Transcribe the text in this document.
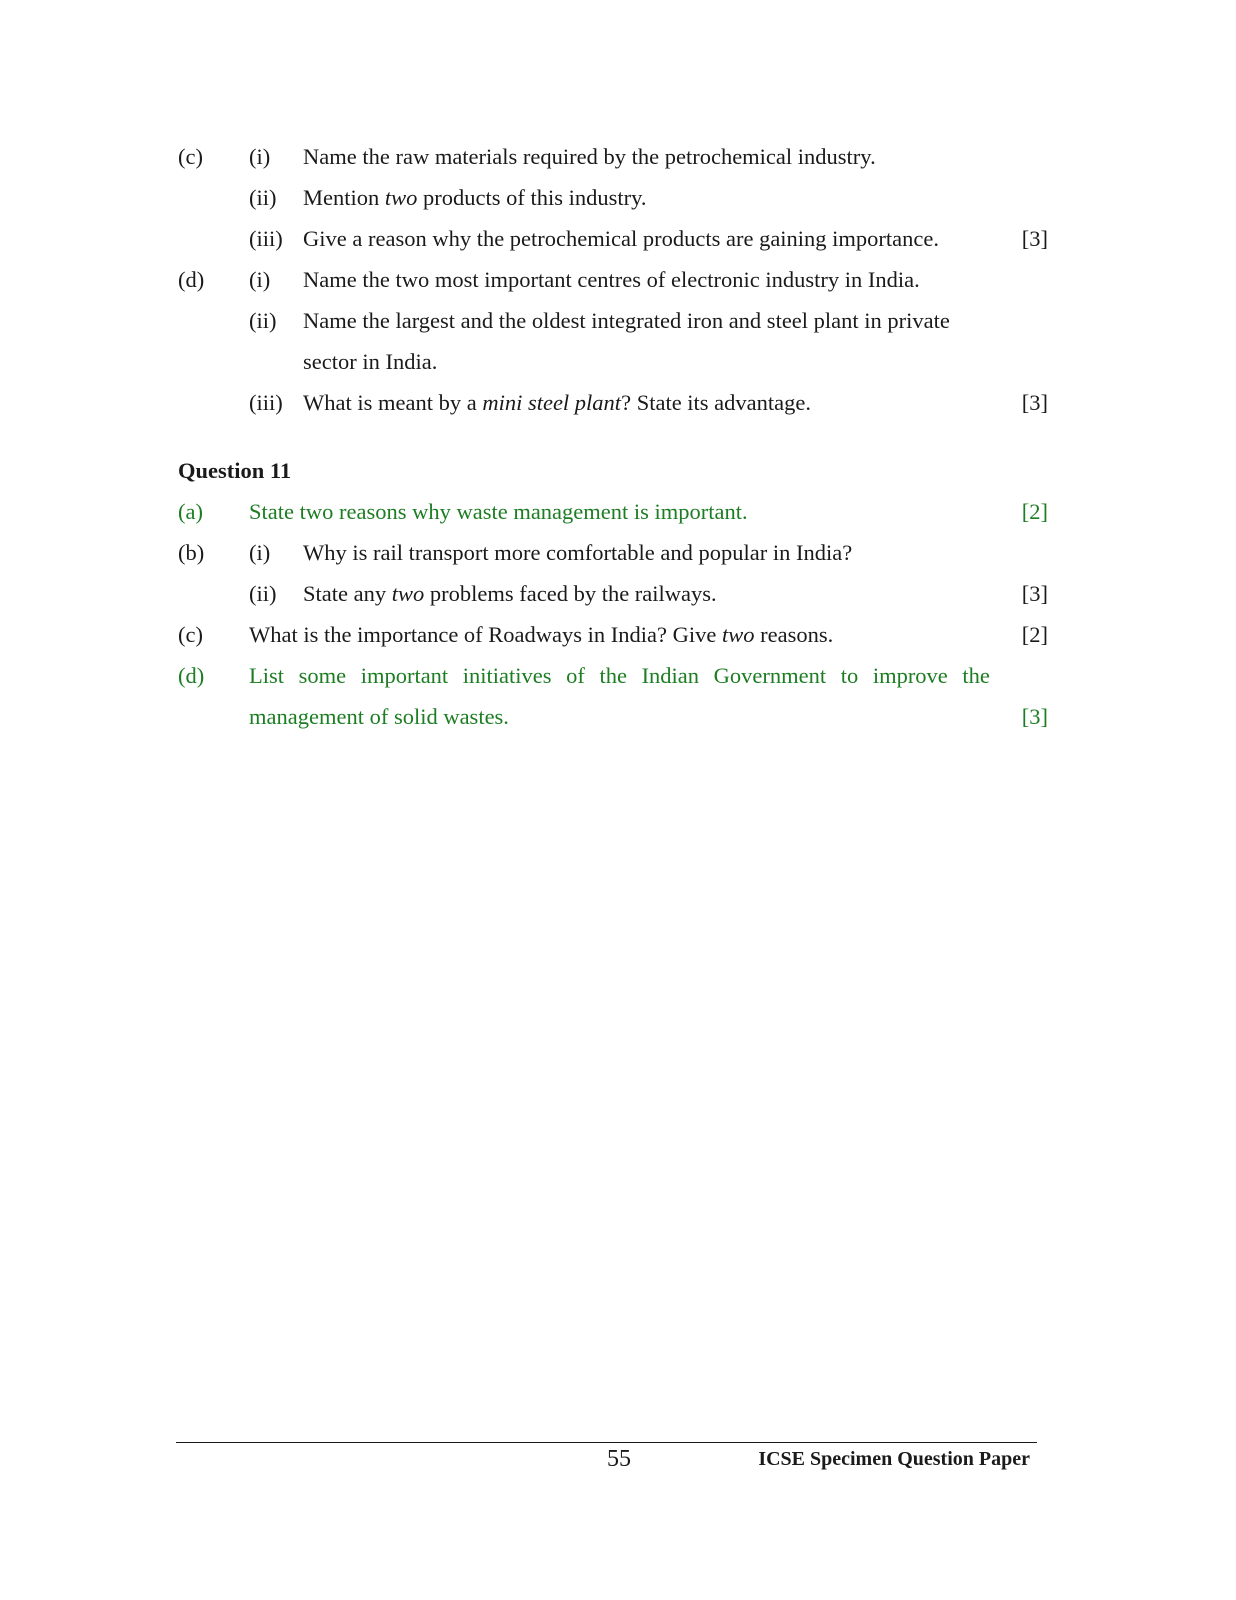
(c) (i) Name the raw materials required by the petrochemical industry.
(ii) Mention two products of this industry.
(iii) Give a reason why the petrochemical products are gaining importance.	[3]
(d) (i) Name the two most important centres of electronic industry in India.
(ii) Name the largest and the oldest integrated iron and steel plant in private
sector in India.
(iii) What is meant by a mini steel plant? State its advantage.	[3]
Question 11
(a) State two reasons why waste management is important.	[2]
(b) (i) Why is rail transport more comfortable and popular in India?
(ii) State any two problems faced by the railways.	[3]
(c) What is the importance of Roadways in India? Give two reasons.	[2]
(d) List some important initiatives of the Indian Government to improve the
management of solid wastes.	[3]
55	ICSE Specimen Question Paper
